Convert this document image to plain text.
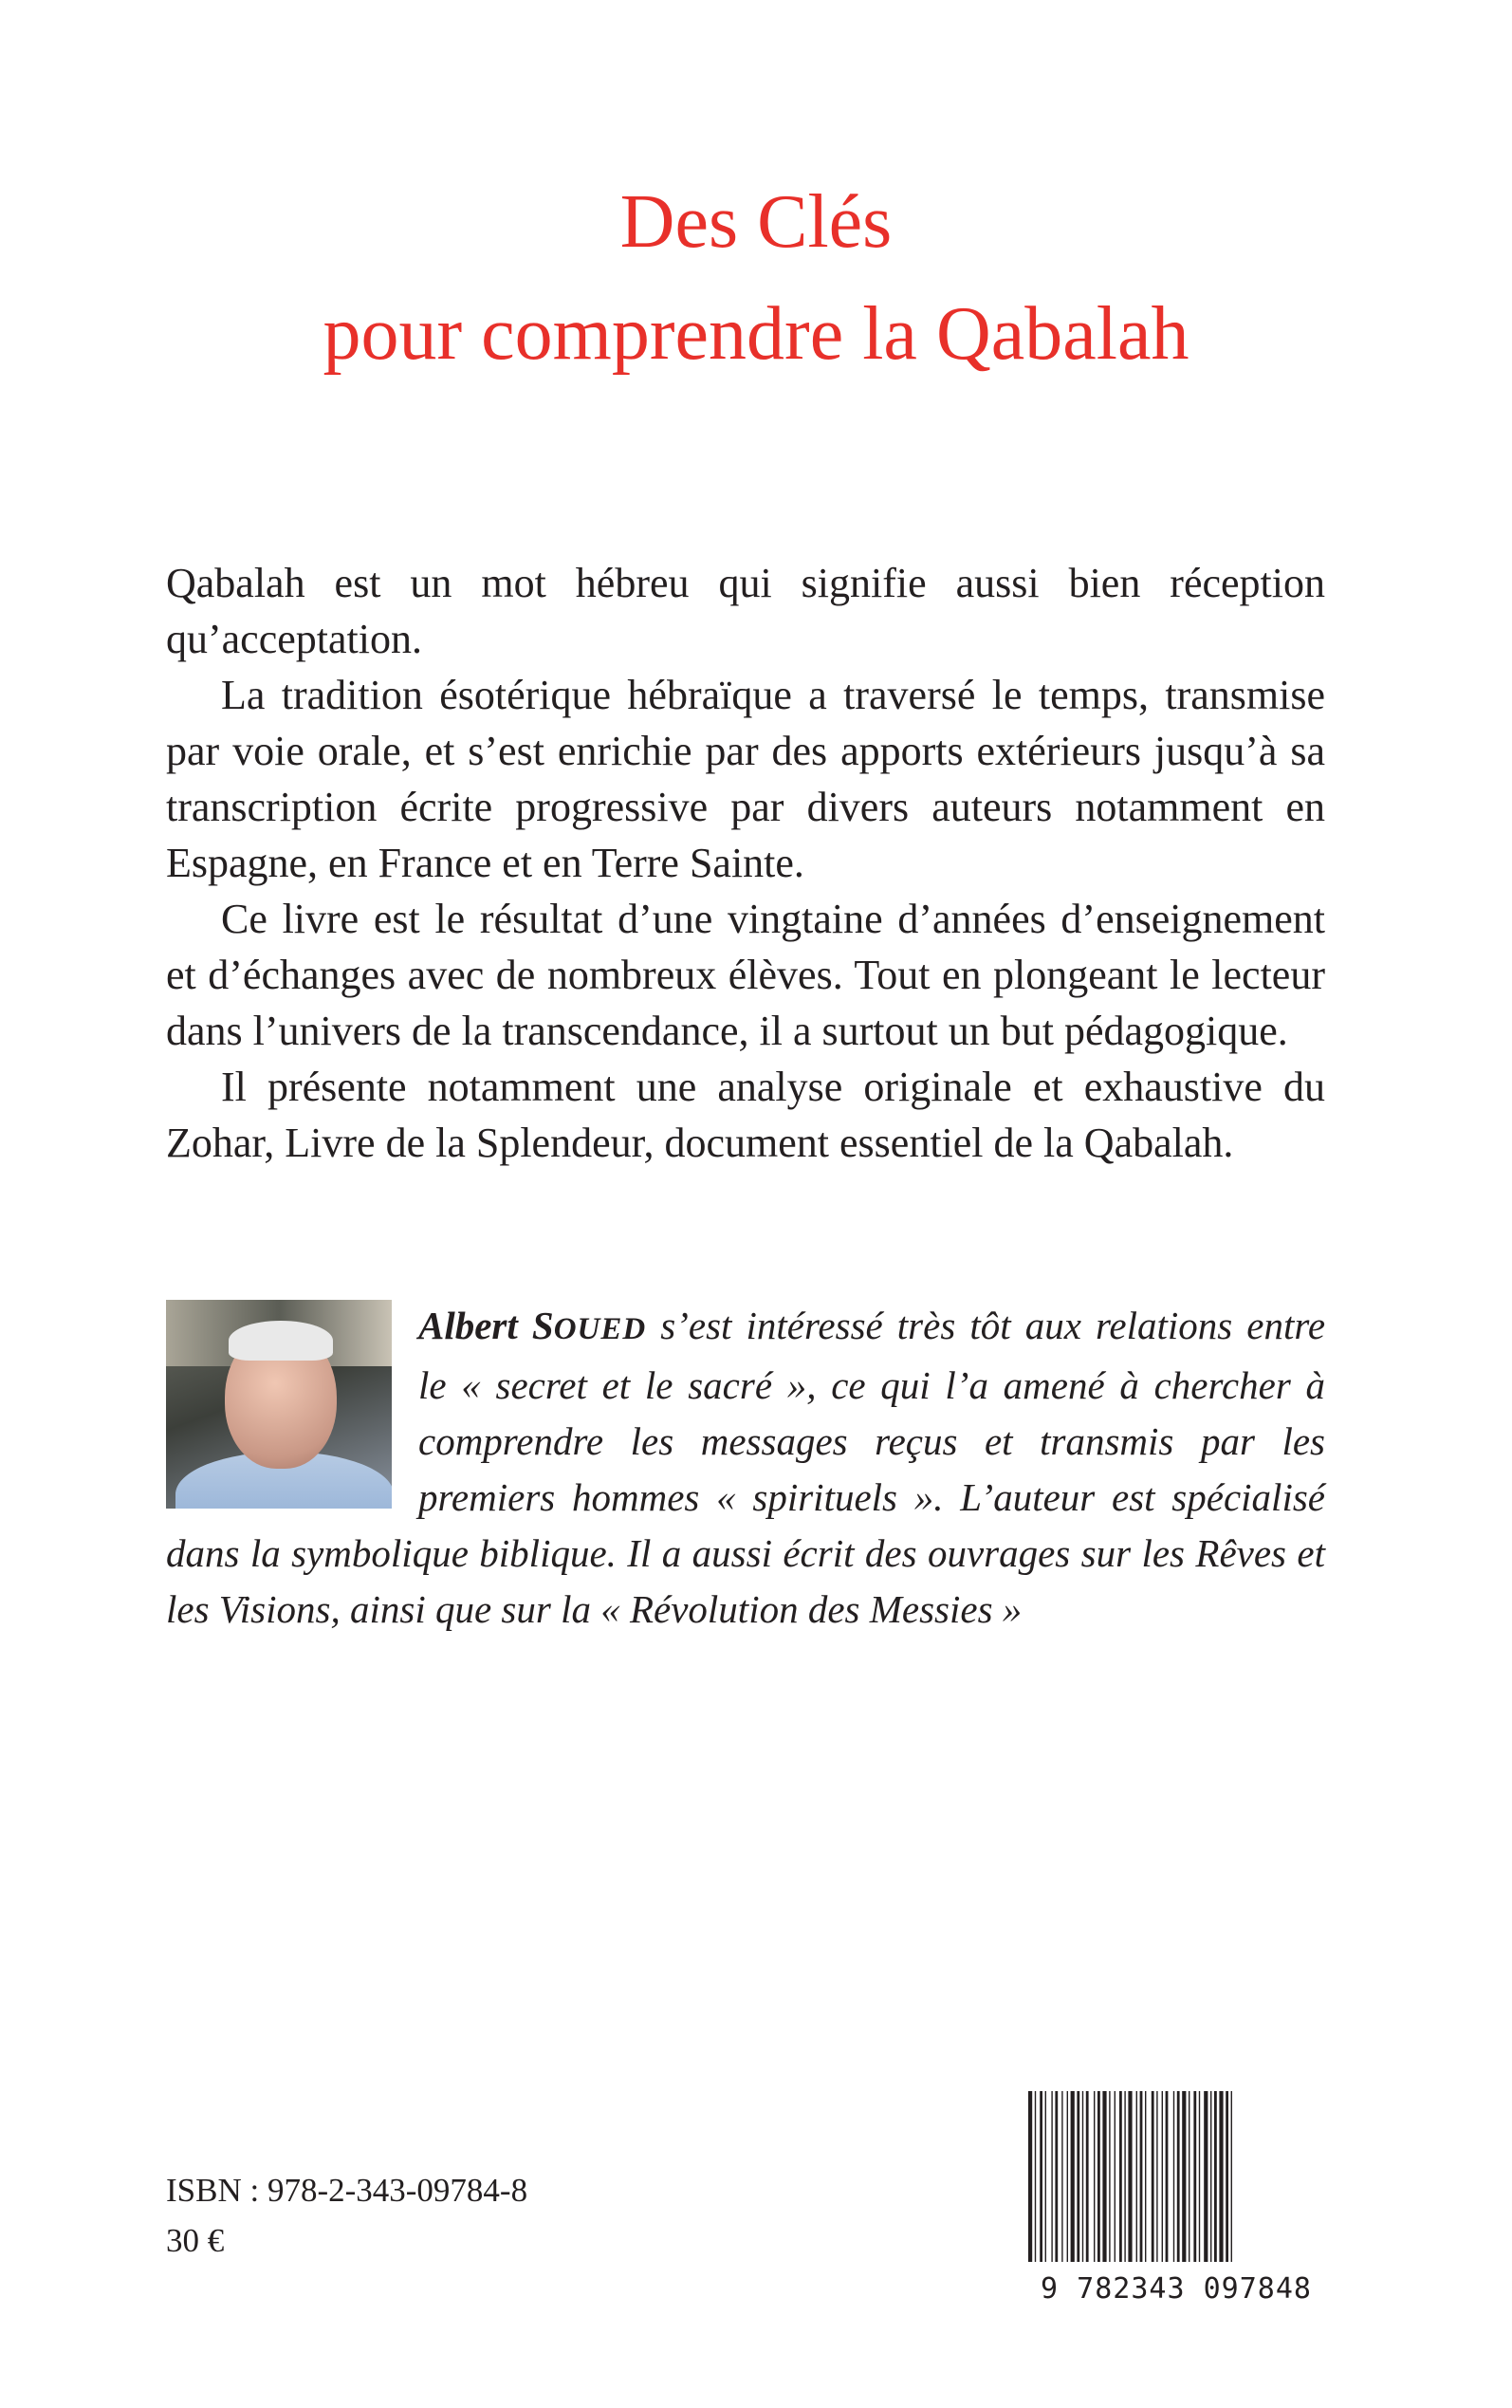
Des Clés
pour comprendre la Qabalah

Qabalah est un mot hébreu qui signifie aussi bien réception qu’acceptation.

La tradition ésotérique hébraïque a traversé le temps, transmise par voie orale, et s’est enrichie par des apports extérieurs jusqu’à sa transcription écrite progressive par divers auteurs notamment en Espagne, en France et en Terre Sainte.

Ce livre est le résultat d’une vingtaine d’années d’enseignement et d’échanges avec de nombreux élèves. Tout en plongeant le lecteur dans l’univers de la transcendance, il a surtout un but pédagogique.

Il présente notamment une analyse originale et exhaustive du Zohar, Livre de la Splendeur, document essentiel de la Qabalah.

Albert SOUED s’est intéressé très tôt aux relations entre le « secret et le sacré », ce qui l’a amené à chercher à comprendre les messages reçus et transmis par les premiers hommes « spirituels ». L’auteur est spécialisé dans la symbolique biblique. Il a aussi écrit des ouvrages sur les Rêves et les Visions, ainsi que sur la « Révolution des Messies »
ISBN : 978-2-343-09784-8
30 €
9 782343 097848
